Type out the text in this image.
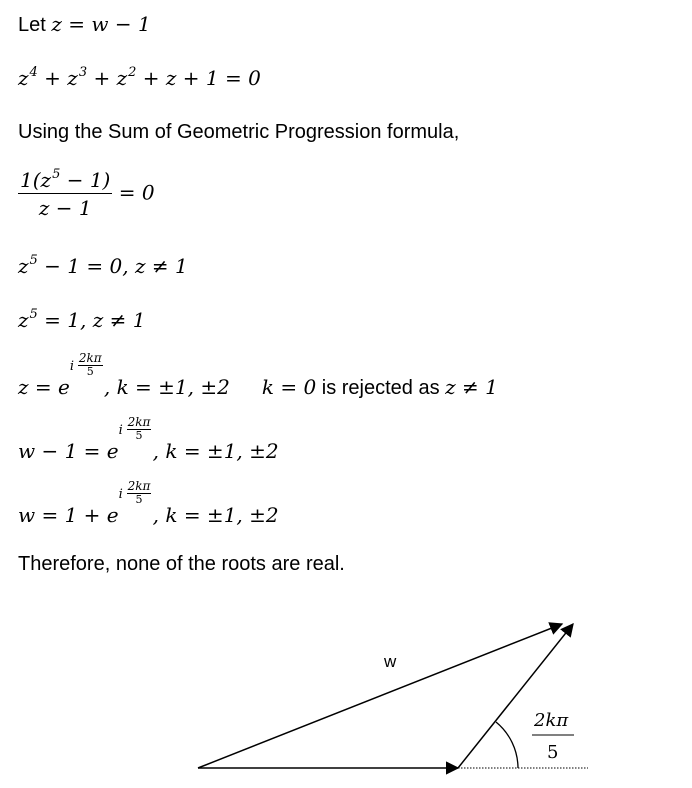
Let z = w − 1
$z^4 + z^3 + z^2 + z + 1 = 0$
Using the Sum of Geometric Progression formula,
$\frac{1(z^5 - 1)}{z - 1} = 0$
$z^5 - 1 = 0$, z ≠ 1
$z^5 = 1$, z ≠ 1
z = e
i
2kπ
5
, k = ±1, ±2 k = 0 is rejected as z ≠ 1
w − 1 = e
i
2kπ
5
, k = ±1, ±2
w = 1 + e
i
2kπ
5
, k = ±1, ±2
Therefore, none of the roots are real.
w
2kπ
5
